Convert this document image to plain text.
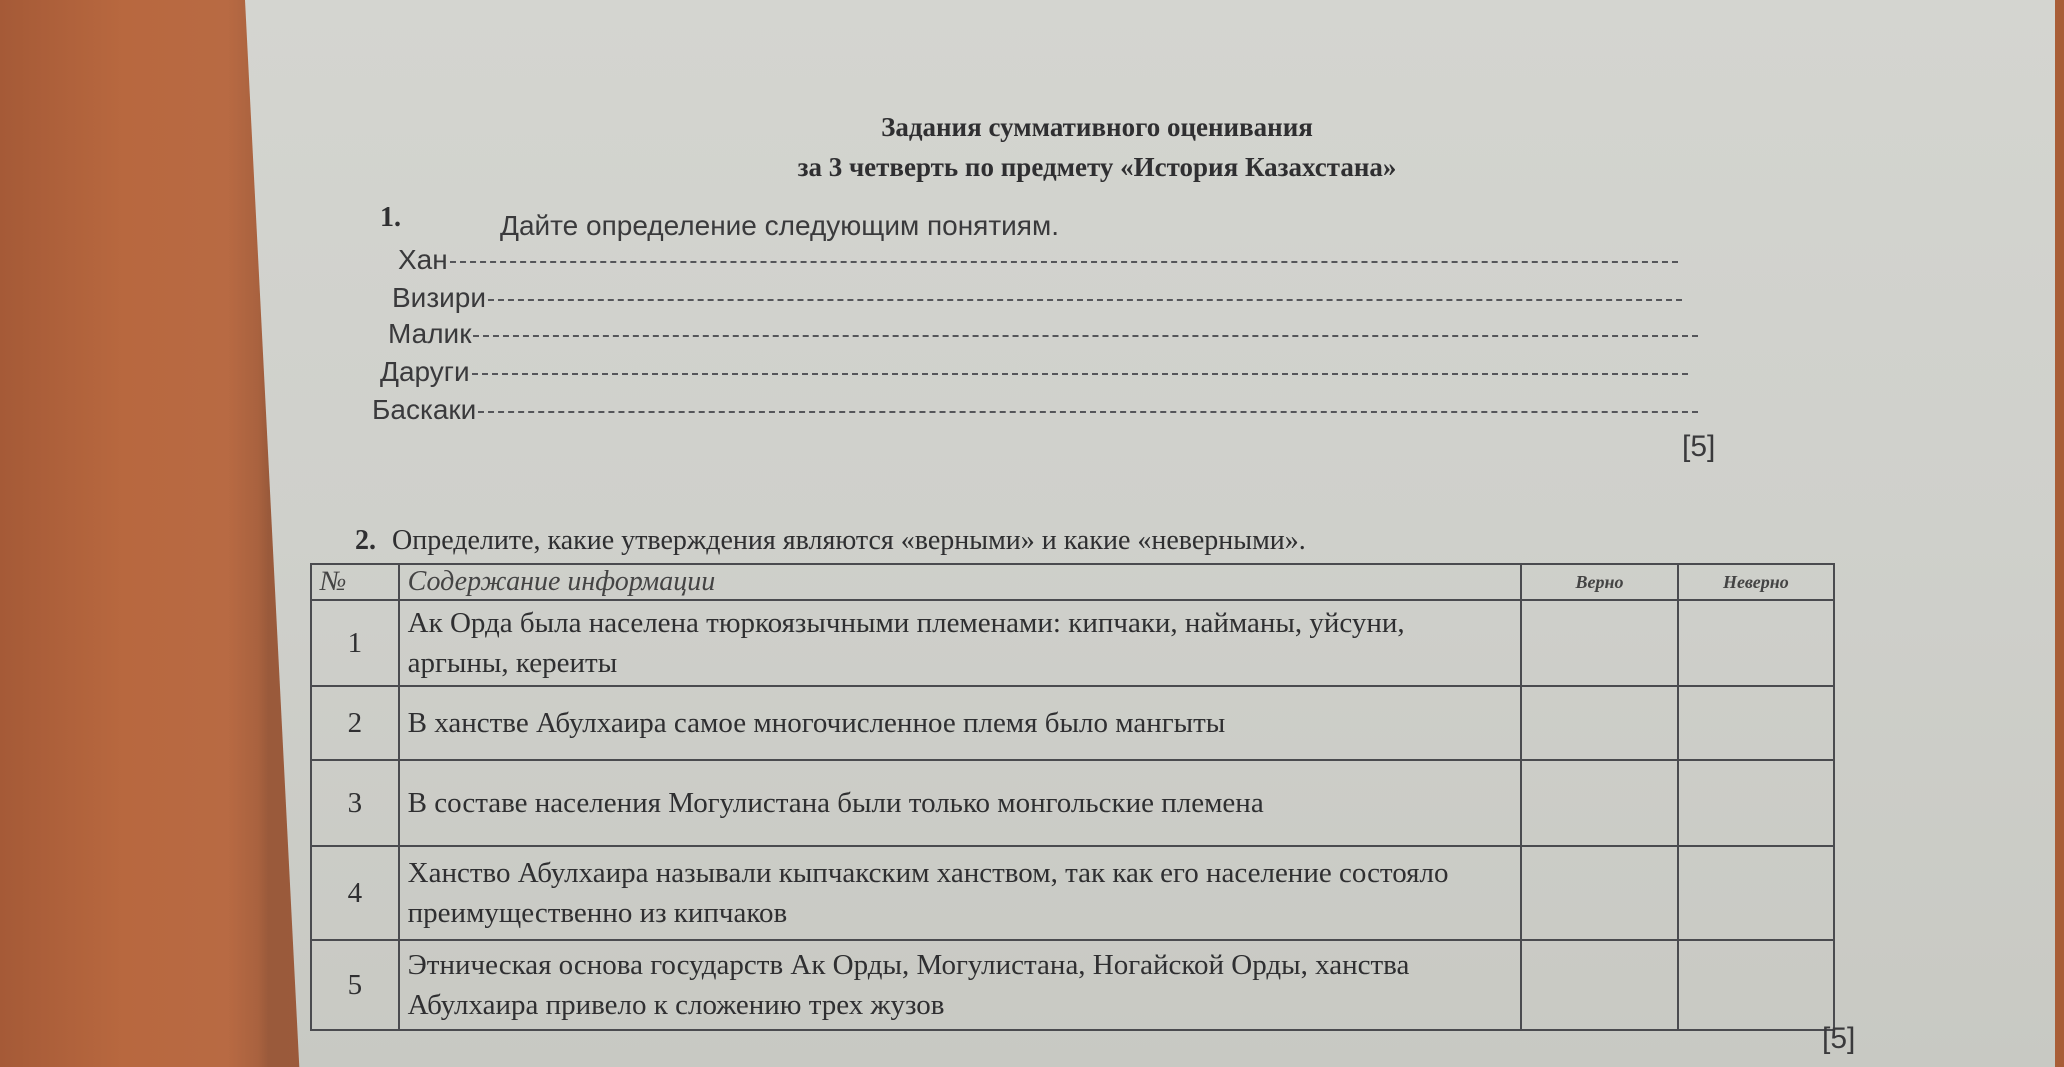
Задания суммативного оценивания
за 3 четверть по предмету «История Казахстана»
1.	Дайте определение следующим понятиям.
Хан
Визири
Малик
Даруги
Баскаки
[5]
2. Определите, какие утверждения являются «верными» и какие «неверными».
№	Содержание информации	Верно	Неверно
1	Ак Орда была населена тюркоязычными племенами: кипчаки, найманы, уйсуни, аргыны, кереиты		
2	В ханстве Абулхаира самое многочисленное племя было мангыты		
3	В составе населения Могулистана были только монгольские племена		
4	Ханство Абулхаира называли кыпчакским ханством, так как его население состояло преимущественно из кипчаков		
5	Этническая основа государств Ак Орды, Могулистана, Ногайской Орды, ханства Абулхаира привело к сложению трех жузов		
[5]
